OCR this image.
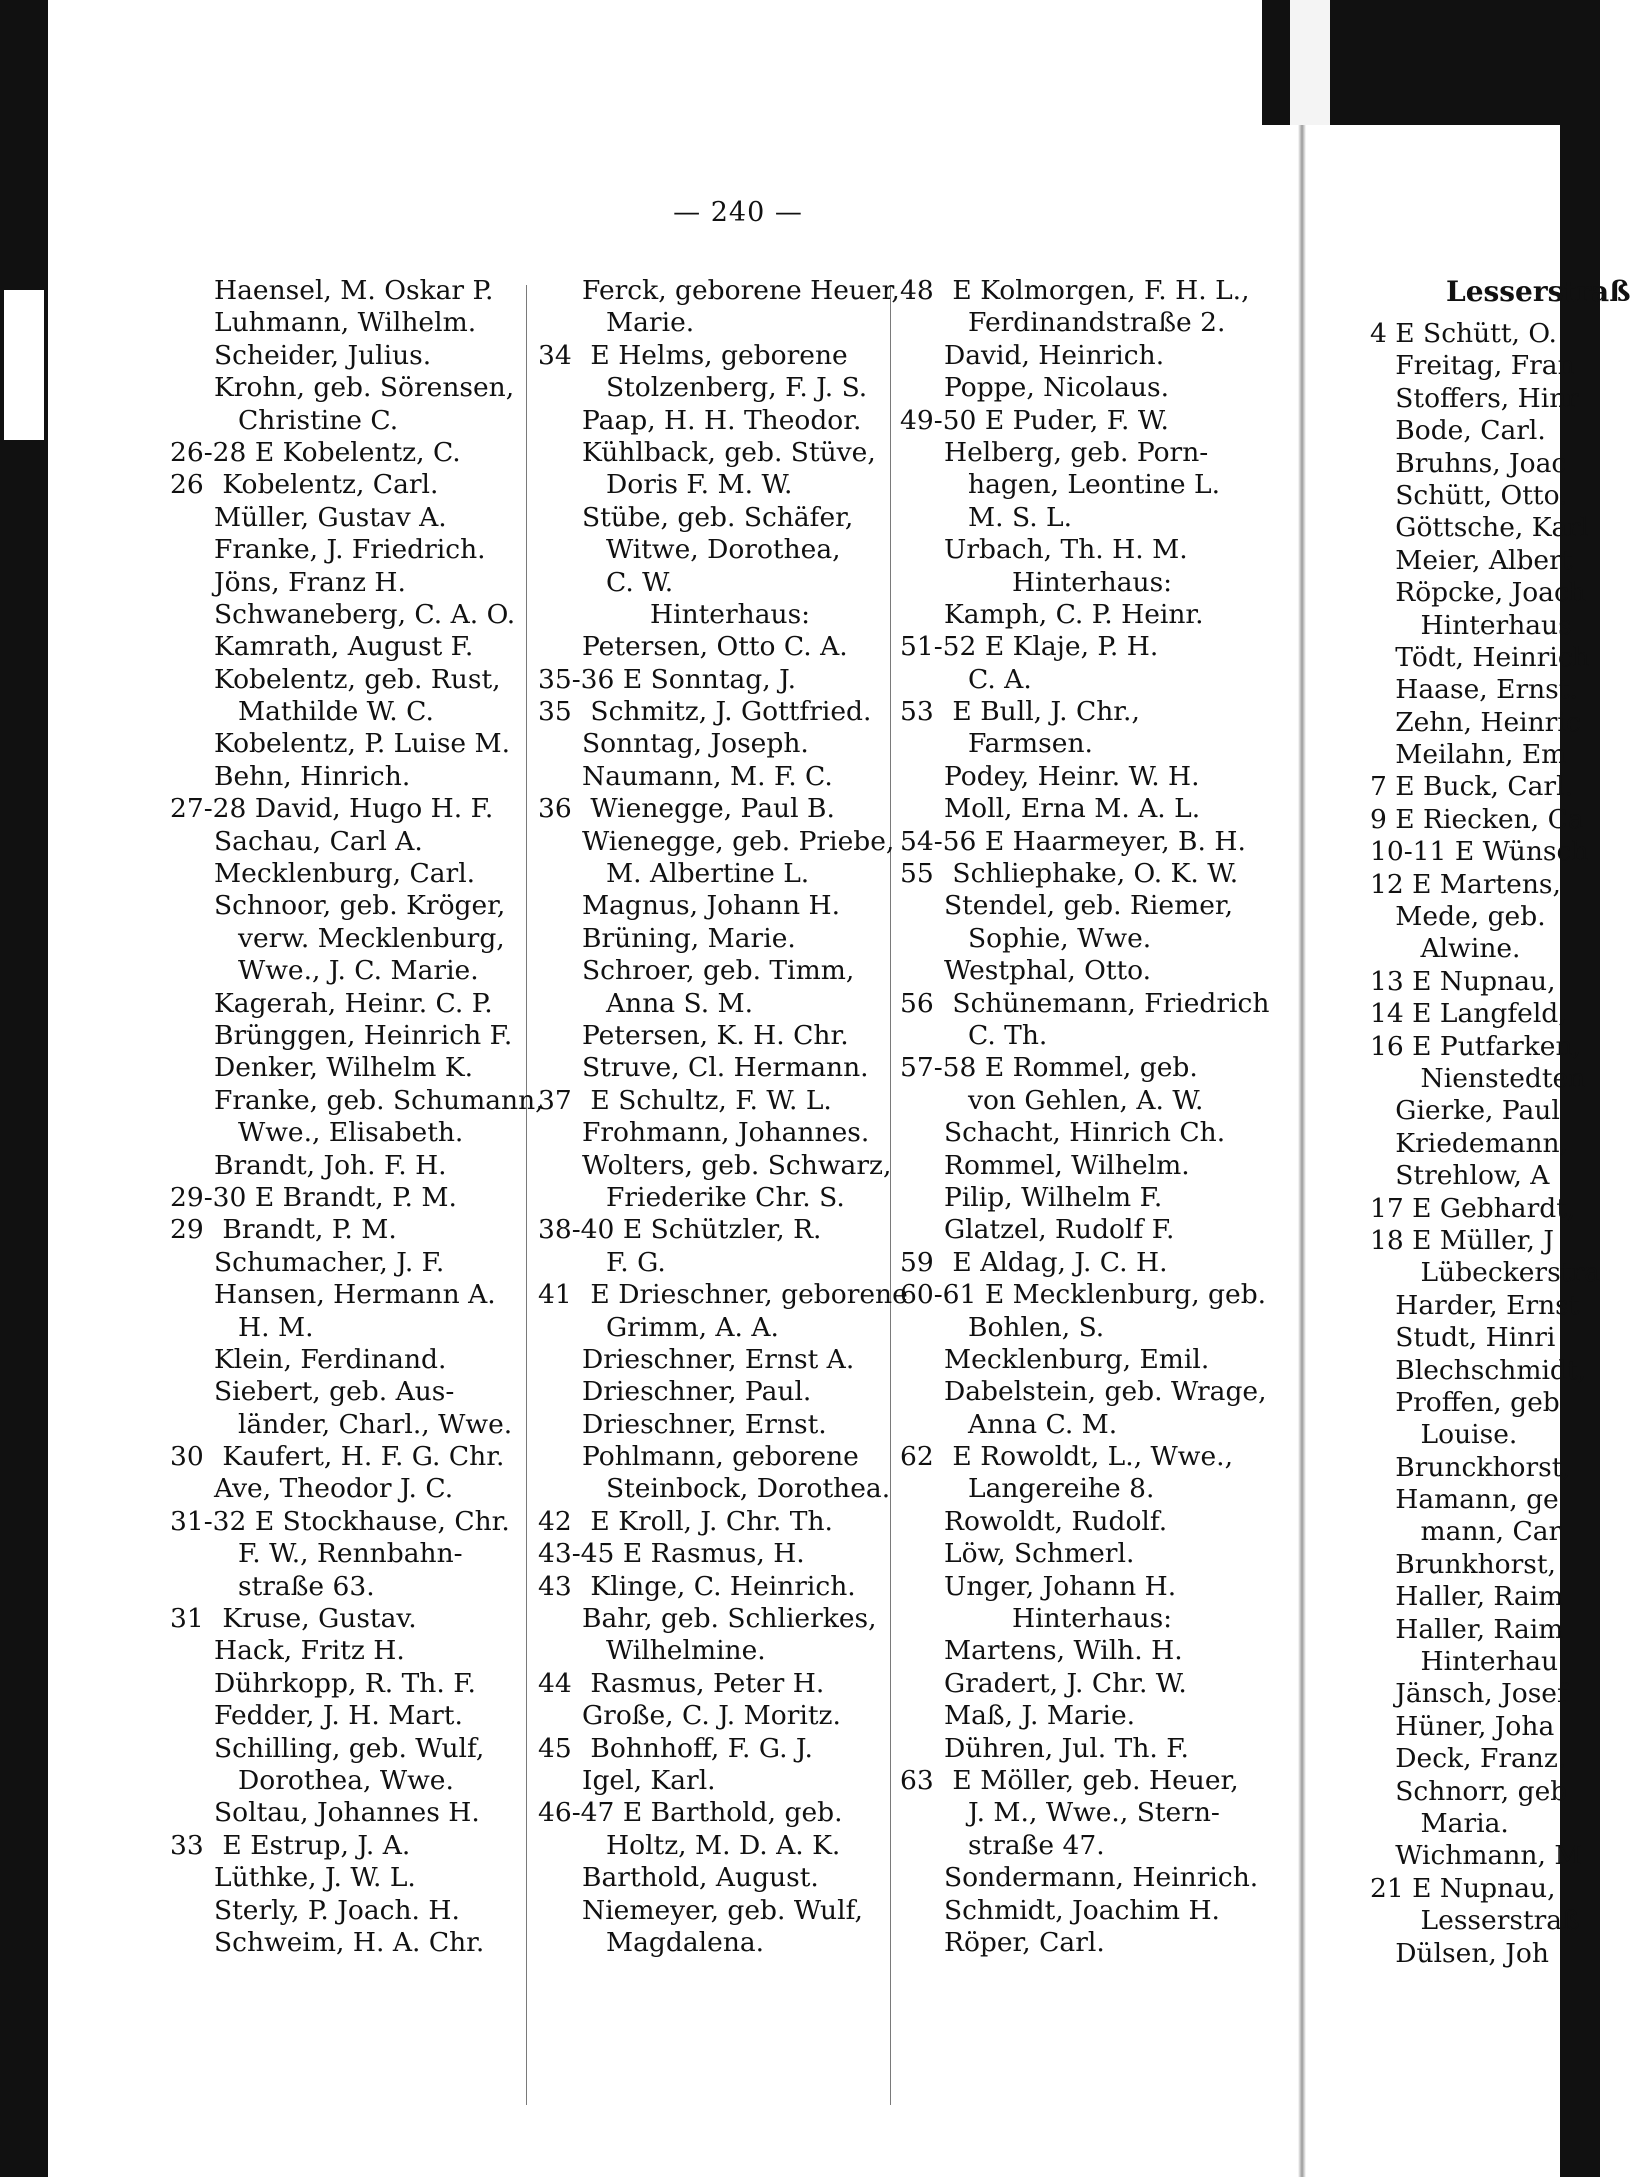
— 240 —
Haensel, M. Oskar P.
Luhmann, Wilhelm.
Scheider, Julius.
Krohn, geb. Sörensen,
Christine C.
26-28 E Kobelentz, C.
26 Kobelentz, Carl.
Müller, Gustav A.
Franke, J. Friedrich.
Jöns, Franz H.
Schwaneberg, C. A. O.
Kamrath, August F.
Kobelentz, geb. Rust,
Mathilde W. C.
Kobelentz, P. Luise M.
Behn, Hinrich.
27-28 David, Hugo H. F.
Sachau, Carl A.
Mecklenburg, Carl.
Schnoor, geb. Kröger,
verw. Mecklenburg,
Wwe., J. C. Marie.
Kagerah, Heinr. C. P.
Brünggen, Heinrich F.
Denker, Wilhelm K.
Franke, geb. Schumann,
Wwe., Elisabeth.
Brandt, Joh. F. H.
29-30 E Brandt, P. M.
29 Brandt, P. M.
Schumacher, J. F.
Hansen, Hermann A.
H. M.
Klein, Ferdinand.
Siebert, geb. Aus-
länder, Charl., Wwe.
30 Kaufert, H. F. G. Chr.
Ave, Theodor J. C.
31-32 E Stockhause, Chr.
F. W., Rennbahn-
straße 63.
31 Kruse, Gustav.
Hack, Fritz H.
Dührkopp, R. Th. F.
Fedder, J. H. Mart.
Schilling, geb. Wulf,
Dorothea, Wwe.
Soltau, Johannes H.
33 E Estrup, J. A.
Lüthke, J. W. L.
Sterly, P. Joach. H.
Schweim, H. A. Chr.
Ferck, geborene Heuer,
Marie.
34 E Helms, geborene
Stolzenberg, F. J. S.
Paap, H. H. Theodor.
Kühlback, geb. Stüve,
Doris F. M. W.
Stübe, geb. Schäfer,
Witwe, Dorothea,
C. W.
Hinterhaus:
Petersen, Otto C. A.
35-36 E Sonntag, J.
35 Schmitz, J. Gottfried.
Sonntag, Joseph.
Naumann, M. F. C.
36 Wienegge, Paul B.
Wienegge, geb. Priebe,
M. Albertine L.
Magnus, Johann H.
Brüning, Marie.
Schroer, geb. Timm,
Anna S. M.
Petersen, K. H. Chr.
Struve, Cl. Hermann.
37 E Schultz, F. W. L.
Frohmann, Johannes.
Wolters, geb. Schwarz,
Friederike Chr. S.
38-40 E Schützler, R.
F. G.
41 E Drieschner, geborene
Grimm, A. A.
Drieschner, Ernst A.
Drieschner, Paul.
Drieschner, Ernst.
Pohlmann, geborene
Steinbock, Dorothea.
42 E Kroll, J. Chr. Th.
43-45 E Rasmus, H.
43 Klinge, C. Heinrich.
Bahr, geb. Schlierkes,
Wilhelmine.
44 Rasmus, Peter H.
Große, C. J. Moritz.
45 Bohnhoff, F. G. J.
Igel, Karl.
46-47 E Barthold, geb.
Holtz, M. D. A. K.
Barthold, August.
Niemeyer, geb. Wulf,
Magdalena.
48 E Kolmorgen, F. H. L.,
Ferdinandstraße 2.
David, Heinrich.
Poppe, Nicolaus.
49-50 E Puder, F. W.
Helberg, geb. Porn-
hagen, Leontine L.
M. S. L.
Urbach, Th. H. M.
Hinterhaus:
Kamph, C. P. Heinr.
51-52 E Klaje, P. H.
C. A.
53 E Bull, J. Chr.,
Farmsen.
Podey, Heinr. W. H.
Moll, Erna M. A. L.
54-56 E Haarmeyer, B. H.
55 Schliephake, O. K. W.
Stendel, geb. Riemer,
Sophie, Wwe.
Westphal, Otto.
56 Schünemann, Friedrich
C. Th.
57-58 E Rommel, geb.
von Gehlen, A. W.
Schacht, Hinrich Ch.
Rommel, Wilhelm.
Pilip, Wilhelm F.
Glatzel, Rudolf F.
59 E Aldag, J. C. H.
60-61 E Mecklenburg, geb.
Bohlen, S.
Mecklenburg, Emil.
Dabelstein, geb. Wrage,
Anna C. M.
62 E Rowoldt, L., Wwe.,
Langereihe 8.
Rowoldt, Rudolf.
Löw, Schmerl.
Unger, Johann H.
Hinterhaus:
Martens, Wilh. H.
Gradert, J. Chr. W.
Maß, J. Marie.
Dühren, Jul. Th. F.
63 E Möller, geb. Heuer,
J. M., Wwe., Stern-
straße 47.
Sondermann, Heinrich.
Schmidt, Joachim H.
Röper, Carl.
Lesserstraß
4 E Schütt, O.
Freitag, Fran
Stoffers, Hinr
Bode, Carl.
Bruhns, Joac
Schütt, Otto.
Göttsche, Karl
Meier, Albert
Röpcke, Joach
Hinterhaus
Tödt, Heinrich
Haase, Ernst.
Zehn, Heinric
Meilahn, Em
7 E Buck, Carl.
9 E Riecken, Ca
10-11 E Wünsch
12 E Martens,
Mede, geb.
Alwine.
13 E Nupnau,
14 E Langfeld,
16 E Putfarken,
Nienstedten
Gierke, Paul
Kriedemann,
Strehlow, A
17 E Gebhardt,
18 E Müller, J
Lübeckerstra
Harder, Ernst
Studt, Hinri
Blechschmidt,
Proffen, geb
Louise.
Brunckhorst,
Hamann, ge
mann, Car
Brunkhorst,
Haller, Raim
Haller, Raim
Hinterhau
Jänsch, Josef
Hüner, Joha
Deck, Franz.
Schnorr, geb
Maria.
Wichmann, M
21 E Nupnau,
Lesserstraß
Dülsen, Joh
